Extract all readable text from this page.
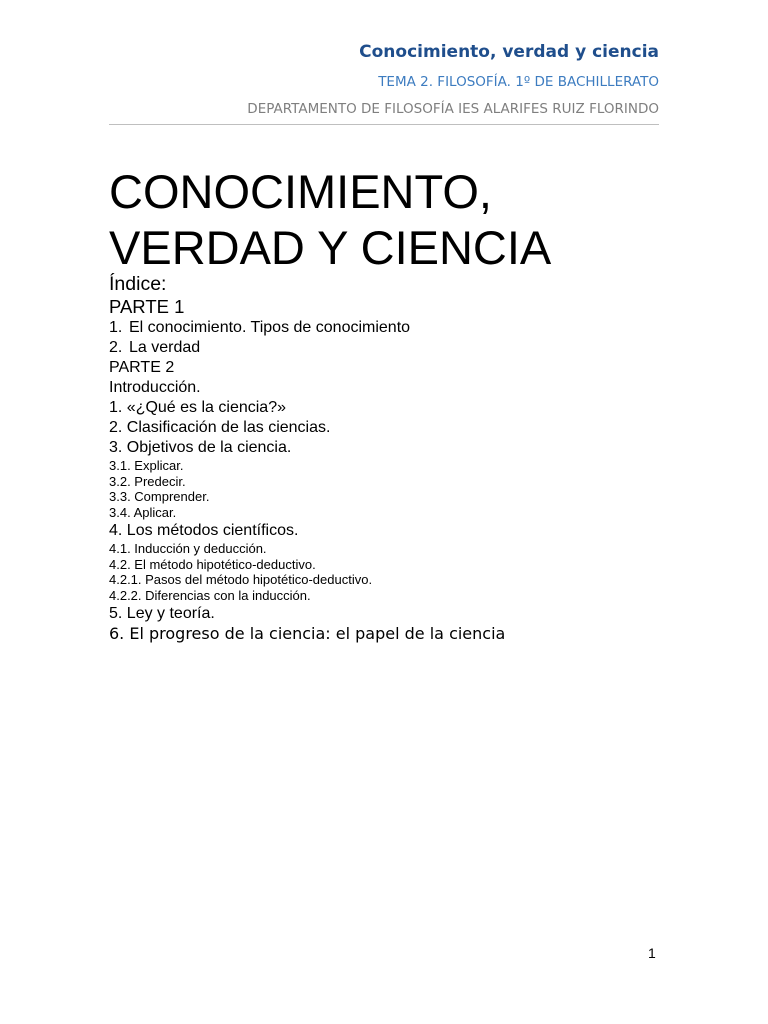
Conocimiento, verdad y ciencia
TEMA 2. FILOSOFÍA. 1º DE BACHILLERATO
DEPARTAMENTO DE FILOSOFÍA IES ALARIFES RUIZ FLORINDO
CONOCIMIENTO,
VERDAD Y CIENCIA
Índice:
PARTE 1
1. El conocimiento. Tipos de conocimiento
2. La verdad
PARTE 2
Introducción.
1. «¿Qué es la ciencia?»
2. Clasificación de las ciencias.
3. Objetivos de la ciencia.
3.1. Explicar.
3.2. Predecir.
3.3. Comprender.
3.4. Aplicar.
4. Los métodos científicos.
4.1. Inducción y deducción.
4.2. El método hipotético-deductivo.
4.2.1. Pasos del método hipotético-deductivo.
4.2.2. Diferencias con la inducción.
5. Ley y teoría.
6. El progreso de la ciencia: el papel de la ciencia
1
